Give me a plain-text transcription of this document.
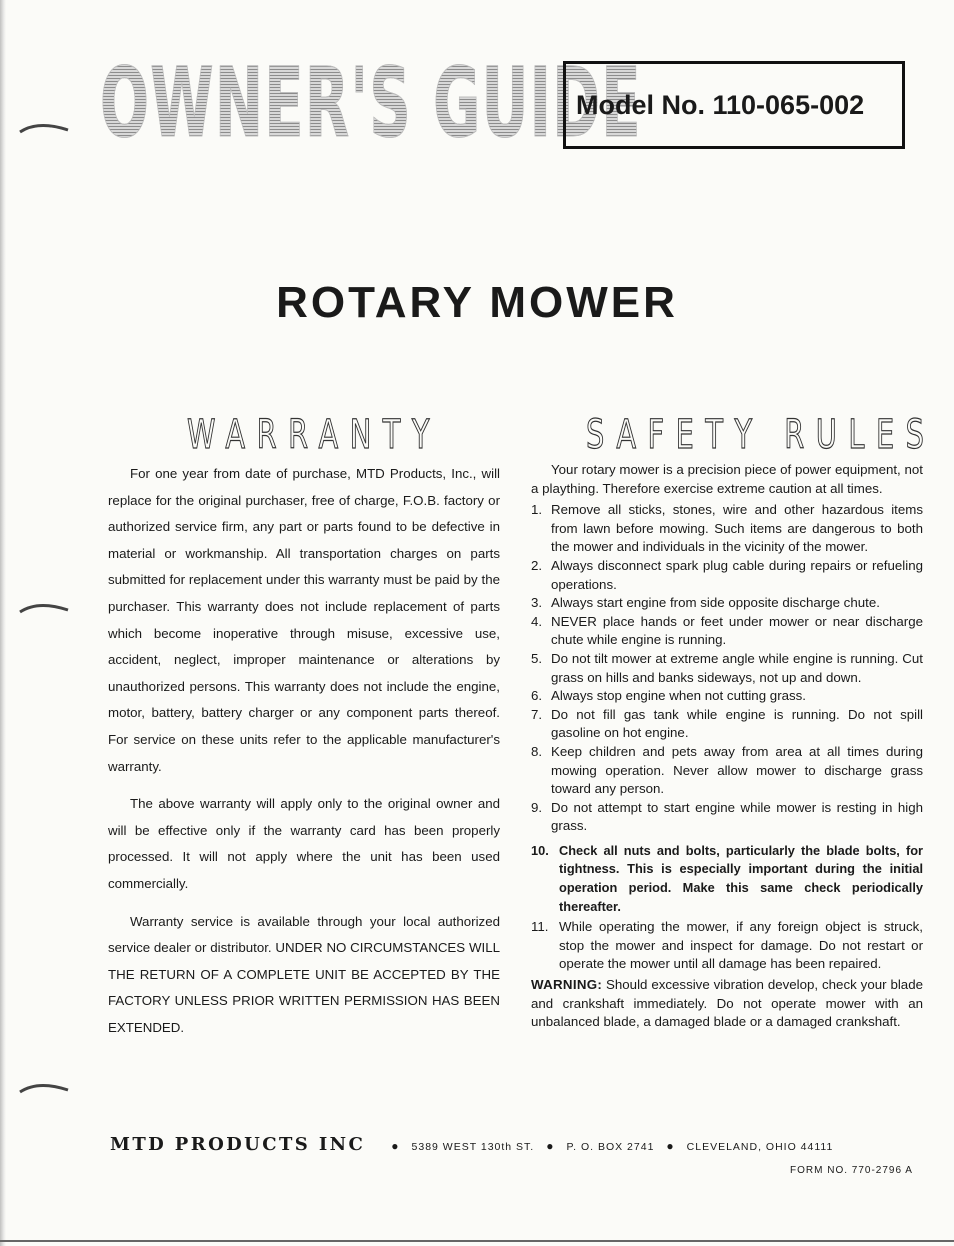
OWNER'S GUIDE
Model No. 110-065-002
ROTARY MOWER
WARRANTY	SAFETY RULES

For one year from date of purchase, MTD Products, Inc., will replace for the original purchaser, free of charge, F.O.B. factory or authorized service firm, any part or parts found to be defective in material or workmanship. All transportation charges on parts submitted for replacement under this warranty must be paid by the purchaser. This warranty does not include replacement of parts which become inoperative through misuse, excessive use, accident, neglect, improper maintenance or alterations by unauthorized persons. This warranty does not include the engine, motor, battery, battery charger or any component parts thereof. For service on these units refer to the applicable manufacturer's warranty.

The above warranty will apply only to the original owner and will be effective only if the warranty card has been properly processed. It will not apply where the unit has been used commercially.

Warranty service is available through your local authorized service dealer or distributor. UNDER NO CIRCUMSTANCES WILL THE RETURN OF A COMPLETE UNIT BE ACCEPTED BY THE FACTORY UNLESS PRIOR WRITTEN PERMISSION HAS BEEN EXTENDED.

Your rotary mower is a precision piece of power equipment, not a plaything. Therefore exercise extreme caution at all times.

1. Remove all sticks, stones, wire and other hazardous items from lawn before mowing. Such items are dangerous to both the mower and individuals in the vicinity of the mower.
2. Always disconnect spark plug cable during repairs or refueling operations.
3. Always start engine from side opposite discharge chute.
4. NEVER place hands or feet under mower or near discharge chute while engine is running.
5. Do not tilt mower at extreme angle while engine is running. Cut grass on hills and banks sideways, not up and down.
6. Always stop engine when not cutting grass.
7. Do not fill gas tank while engine is running. Do not spill gasoline on hot engine.
8. Keep children and pets away from area at all times during mowing operation. Never allow mower to discharge grass toward any person.
9. Do not attempt to start engine while mower is resting in high grass.
10. Check all nuts and bolts, particularly the blade bolts, for tightness. This is especially important during the initial operation period. Make this same check periodically thereafter.
11. While operating the mower, if any foreign object is struck, stop the mower and inspect for damage. Do not restart or operate the mower until all damage has been repaired.
WARNING: Should excessive vibration develop, check your blade and crankshaft immediately. Do not operate mower with an unbalanced blade, a damaged blade or a damaged crankshaft.
MTD PRODUCTS INC ● 5389 WEST 130th ST. ● P. O. BOX 2741 ● CLEVELAND, OHIO 44111
FORM NO. 770-2796 A
